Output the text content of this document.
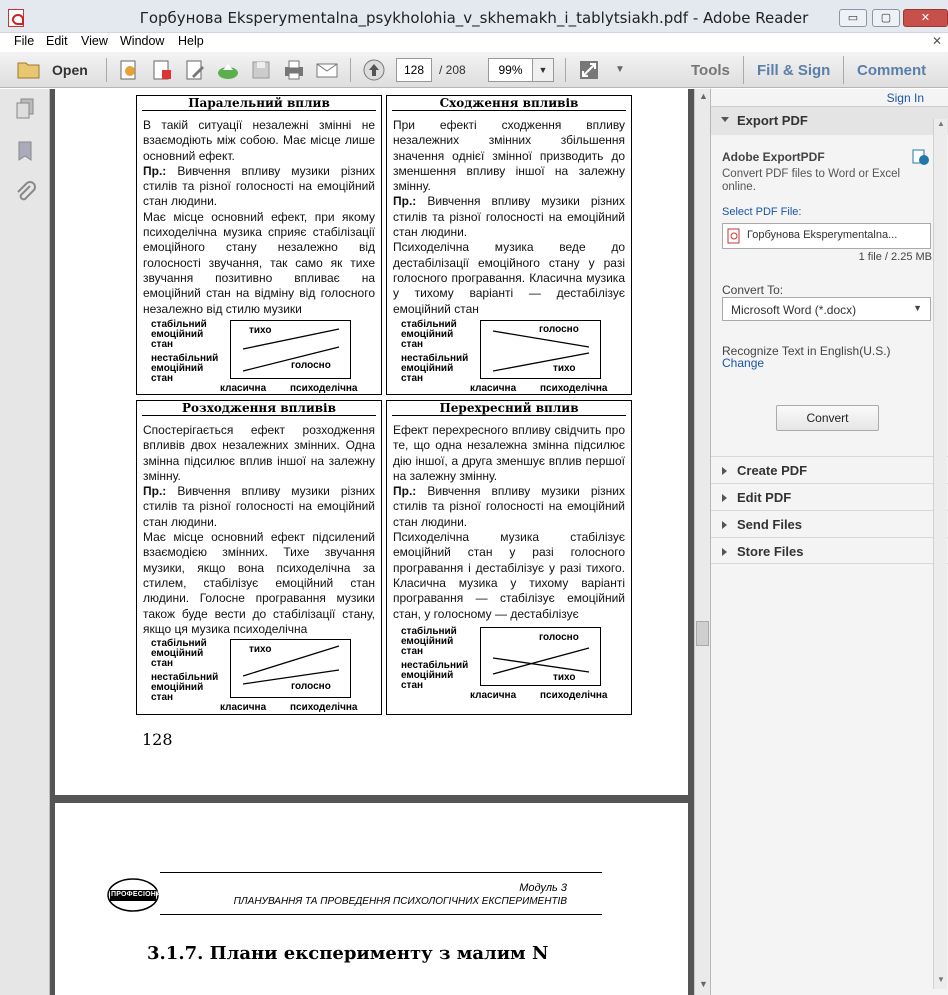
Горбунова Eksperymentalna_psykholohia_v_skhemakh_i_tablytsiakh.pdf - Adobe Reader	▭	▢	✕
File Edit View Window Help	✕
Open
128	/ 208
99%	▼	▼	Tools Fill & Sign Comment
Паралельний вплив
В такій ситуації незалежні змінні не взаємодіють між собою. Має місце лише основний ефект.
Пр.: Вивчення впливу музики різних стилів та різної голосності на емоційний стан людини.
Має місце основний ефект, при якому психоделічна музика сприяє стабілізації емоційного стану незалежно від голосності звучання, так само як тихе звучання позитивно впливає на емоційний стан на відміну від голосного незалежно від стилю музики
стабільний емоційний стан
нестабільний емоційний стан
тихо
голосно
класична психоделічна
Сходження впливів
При ефекті сходження впливу незалежних змінних збільшення значення однієї змінної призводить до зменшення впливу іншої на залежну змінну.
Пр.: Вивчення впливу музики різних стилів та різної голосності на емоційний стан людини.
Психоделічна музика веде до дестабілізації емоційного стану у разі голосного програвання. Класична музика у тихому варіанті — дестабілізує емоційний стан
стабільний емоційний стан
нестабільний емоційний стан
голосно
тихо
класична психоделічна
Розходження впливів
Спостерігається ефект розходження впливів двох незалежних змінних. Одна змінна підсилює вплив іншої на залежну змінну.
Пр.: Вивчення впливу музики різних стилів та різної голосності на емоційний стан людини.
Має місце основний ефект підсилений взаємодією змінних. Тихе звучання музики, якщо вона психоделічна за стилем, стабілізує емоційний стан людини. Голосне програвання музики також буде вести до стабілізації стану, якщо ця музика психоделічна
стабільний емоційний стан
нестабільний емоційний стан
тихо
голосно
класична психоделічна
Перехресний вплив
Ефект перехресного впливу свідчить про те, що одна незалежна змінна підсилює дію іншої, а друга зменшує вплив першої на залежну змінну.
Пр.: Вивчення впливу музики різних стилів та різної голосності на емоційний стан людини.
Психоделічна музика стабілізує емоційний стан у разі голосного програвання і дестабілізує у разі тихого. Класична музика у тихому варіанті програвання — стабілізує емоційний стан, у голосному — дестабілізує
стабільний емоційний стан
нестабільний емоційний стан
голосно
тихо
класична психоделічна
128
ПРОФЕСІОНАЛ
Модуль 3
ПЛАНУВАННЯ ТА ПРОВЕДЕННЯ ПСИХОЛОГІЧНИХ ЕКСПЕРИМЕНТІВ
3.1.7. Плани експерименту з малим N
▲
▼
Sign In
Export PDF
Adobe ExportPDF
Convert PDF files to Word or Excel online.
Select PDF File:
Горбунова Eksperymentalna...
1 file / 2.25 MB
Convert To:
Microsoft Word (*.docx)	▼
Recognize Text in English(U.S.)
Change
Convert
Create PDF
Edit PDF
Send Files
Store Files
▲
▼
